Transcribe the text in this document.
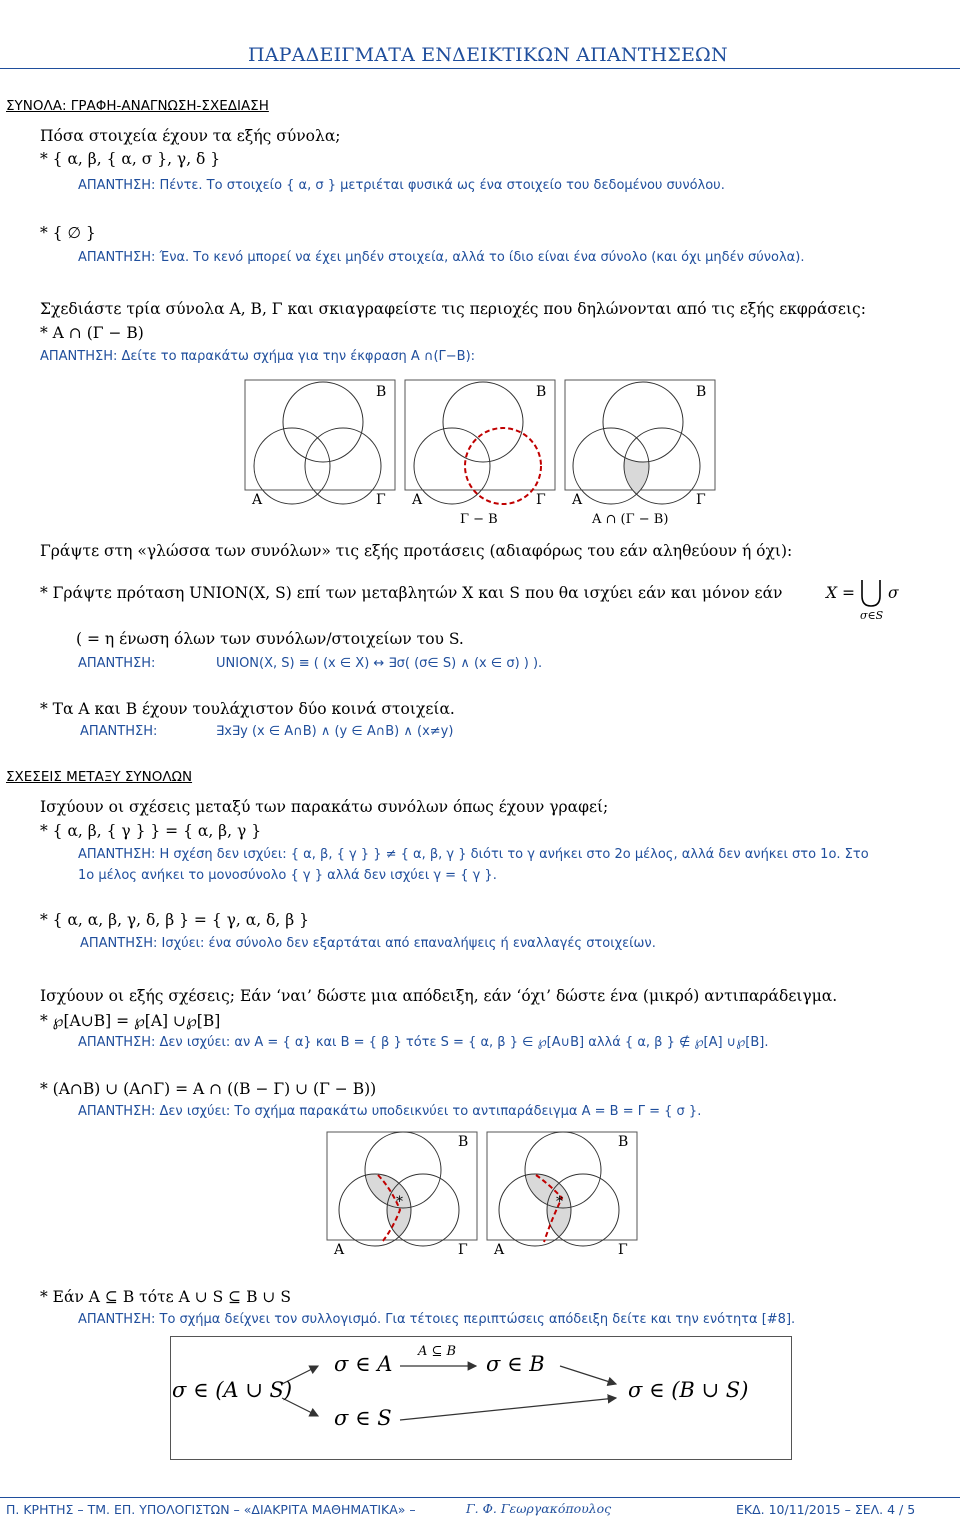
ΠΑΡΑΔΕΙΓΜΑΤΑ ΕΝΔΕΙΚΤΙΚΩΝ ΑΠΑΝΤΗΣΕΩΝ
ΣΥΝΟΛΑ: ΓΡΑΦΗ-ΑΝΑΓΝΩΣΗ-ΣΧΕΔΙΑΣΗ
Πόσα στοιχεία έχουν τα εξής σύνολα;
* { α, β, { α, σ }, γ, δ }
ΑΠΑΝΤΗΣΗ: Πέντε. Το στοιχείο { α, σ } μετριέται φυσικά ως ένα στοιχείο του δεδομένου συνόλου.
* { ∅ }
ΑΠΑΝΤΗΣΗ: Ένα. Το κενό μπορεί να έχει μηδέν στοιχεία, αλλά το ίδιο είναι ένα σύνολο (και όχι μηδέν σύνολα).
Σχεδιάστε τρία σύνολα Α, Β, Γ και σκιαγραφείστε τις περιοχές που δηλώνονται από τις εξής εκφράσεις:
* Α ∩ (Γ − Β)
ΑΠΑΝΤΗΣΗ: Δείτε το παρακάτω σχήμα για την έκφραση Α ∩(Γ−Β):
Β
Α	Γ
Β
Α	Γ
Γ − Β
Β
Α	Γ
Α ∩ (Γ − Β)
Γράψτε στη «γλώσσα των συνόλων» τις εξής προτάσεις (αδιαφόρως του εάν αληθεύουν ή όχι):
* Γράψτε πρόταση UNION(X, S) επί των μεταβλητών X και S που θα ισχύει εάν και μόνον εάν	X = σ
σ∈S
( = η ένωση όλων των συνόλων/στοιχείων του S.
ΑΠΑΝΤΗΣΗ:	UNION(X, S) ≡ ( (x ∈ X) ↔ ∃σ( (σ∈ S) ∧ (x ∈ σ) ) ).
* Τα Α και Β έχουν τουλάχιστον δύο κοινά στοιχεία.
ΑΠΑΝΤΗΣΗ:	∃x∃y (x ∈ Α∩Β) ∧ (y ∈ Α∩Β) ∧ (x≠y)
ΣΧΕΣΕΙΣ ΜΕΤΑΞΥ ΣΥΝΟΛΩΝ
Ισχύουν οι σχέσεις μεταξύ των παρακάτω συνόλων όπως έχουν γραφεί;
* { α, β, { γ } } = { α, β, γ }
ΑΠΑΝΤΗΣΗ: Η σχέση δεν ισχύει: { α, β, { γ } } ≠ { α, β, γ } διότι το γ ανήκει στο 2ο μέλος, αλλά δεν ανήκει στο 1ο. Στο
1ο μέλος ανήκει το μονοσύνολο { γ } αλλά δεν ισχύει γ = { γ }.
* { α, α, β, γ, δ, β } = { γ, α, δ, β }
ΑΠΑΝΤΗΣΗ: Ισχύει: ένα σύνολο δεν εξαρτάται από επαναλήψεις ή εναλλαγές στοιχείων.
Ισχύουν οι εξής σχέσεις; Εάν ‘ναι’ δώστε μια απόδειξη, εάν ‘όχι’ δώστε ένα (μικρό) αντιπαράδειγμα.
* ℘[Α∪Β] = ℘[Α] ∪℘[Β]
ΑΠΑΝΤΗΣΗ: Δεν ισχύει: αν Α = { α} και Β = { β } τότε S = { α, β } ∈ ℘[Α∪Β] αλλά { α, β } ∉ ℘[Α] ∪℘[Β].
* (Α∩Β) ∪ (Α∩Γ) = Α ∩ ((Β − Γ) ∪ (Γ − Β))
ΑΠΑΝΤΗΣΗ: Δεν ισχύει: Το σχήμα παρακάτω υποδεικνύει το αντιπαράδειγμα Α = Β = Γ = { σ }.
Β
*
Α	Γ
Β
*
Α	Γ
* Εάν Α ⊆ Β τότε Α ∪ S ⊆ Β ∪ S
ΑΠΑΝΤΗΣΗ: Το σχήμα δείχνει τον συλλογισμό. Για τέτοιες περιπτώσεις απόδειξη δείτε και την ενότητα [#8].
σ ∈ (A ∪ S)
σ ∈ A
A ⊆ B
σ ∈ B
σ ∈ S
σ ∈ (B ∪ S)
Π. ΚΡΗΤΗΣ – ΤΜ. ΕΠ. ΥΠΟΛΟΓΙΣΤΩΝ – «ΔΙΑΚΡΙΤΑ ΜΑΘΗΜΑΤΙΚΑ» –	Γ. Φ. Γεωργακόπουλος	ΕΚΔ. 10/11/2015 – ΣΕΛ. 4 / 5
